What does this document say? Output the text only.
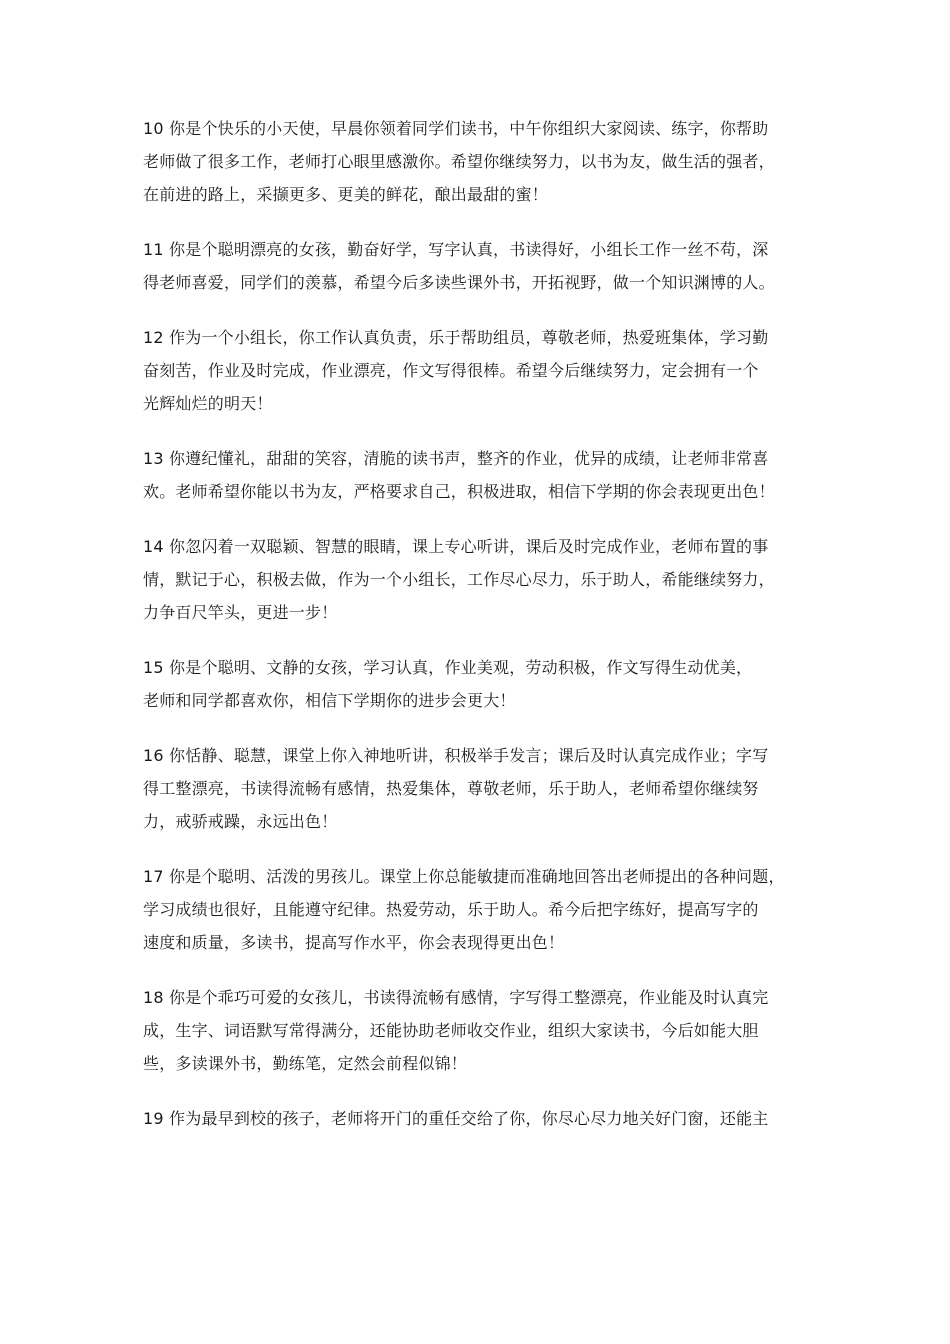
10 你是个快乐的小天使，早晨你领着同学们读书，中午你组织大家阅读、练字，你帮助
老师做了很多工作，老师打心眼里感激你。希望你继续努力，以书为友，做生活的强者，
在前进的路上，采撷更多、更美的鲜花，酿出最甜的蜜！

11 你是个聪明漂亮的女孩，勤奋好学，写字认真，书读得好，小组长工作一丝不苟，深
得老师喜爱，同学们的羡慕，希望今后多读些课外书，开拓视野，做一个知识渊博的人。

12 作为一个小组长，你工作认真负责，乐于帮助组员，尊敬老师，热爱班集体，学习勤
奋刻苦，作业及时完成，作业漂亮，作文写得很棒。希望今后继续努力，定会拥有一个
光辉灿烂的明天！

13 你遵纪懂礼，甜甜的笑容，清脆的读书声，整齐的作业，优异的成绩，让老师非常喜
欢。老师希望你能以书为友，严格要求自己，积极进取，相信下学期的你会表现更出色！

14 你忽闪着一双聪颖、智慧的眼睛，课上专心听讲，课后及时完成作业，老师布置的事
情，默记于心，积极去做，作为一个小组长，工作尽心尽力，乐于助人，希能继续努力，
力争百尺竿头，更进一步！

15 你是个聪明、文静的女孩，学习认真，作业美观，劳动积极，作文写得生动优美，
老师和同学都喜欢你，相信下学期你的进步会更大！

16 你恬静、聪慧，课堂上你入神地听讲，积极举手发言；课后及时认真完成作业；字写
得工整漂亮，书读得流畅有感情，热爱集体，尊敬老师，乐于助人，老师希望你继续努
力，戒骄戒躁，永远出色！

17 你是个聪明、活泼的男孩儿。课堂上你总能敏捷而准确地回答出老师提出的各种问题，
学习成绩也很好，且能遵守纪律。热爱劳动，乐于助人。希今后把字练好，提高写字的
速度和质量，多读书，提高写作水平，你会表现得更出色！

18 你是个乖巧可爱的女孩儿，书读得流畅有感情，字写得工整漂亮，作业能及时认真完
成，生字、词语默写常得满分，还能协助老师收交作业，组织大家读书，今后如能大胆
些，多读课外书，勤练笔，定然会前程似锦！

19 作为最早到校的孩子，老师将开门的重任交给了你，你尽心尽力地关好门窗，还能主
